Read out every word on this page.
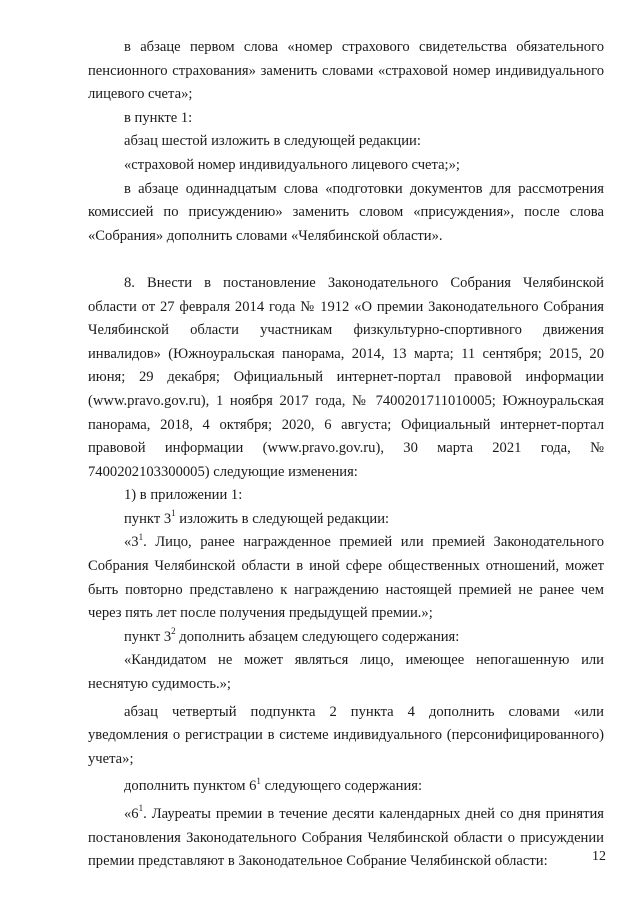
в абзаце первом слова «номер страхового свидетельства обязательного пенсионного страхования» заменить словами «страховой номер индивидуального лицевого счета»;

в пункте 1:

абзац шестой изложить в следующей редакции:

«страховой номер индивидуального лицевого счета;»;

в абзаце одиннадцатым слова «подготовки документов для рассмотрения комиссией по присуждению» заменить словом «присуждения», после слова «Собрания» дополнить словами «Челябинской области».

8. Внести в постановление Законодательного Собрания Челябинской области от 27 февраля 2014 года № 1912 «О премии Законодательного Собрания Челябинской области участникам физкультурно-спортивного движения инвалидов» (Южноуральская панорама, 2014, 13 марта; 11 сентября; 2015, 20 июня; 29 декабря; Официальный интернет-портал правовой информации (www.pravo.gov.ru), 1 ноября 2017 года, № 7400201711010005; Южноуральская панорама, 2018, 4 октября; 2020, 6 августа; Официальный интернет-портал правовой информации (www.pravo.gov.ru), 30 марта 2021 года, № 7400202103300005) следующие изменения:

1) в приложении 1:

пункт $3^1$ изложить в следующей редакции:

«$3^1$. Лицо, ранее награжденное премией или премией Законодательного Собрания Челябинской области в иной сфере общественных отношений, может быть повторно представлено к награждению настоящей премией не ранее чем через пять лет после получения предыдущей премии.»;

пункт $3^2$ дополнить абзацем следующего содержания:

«Кандидатом не может являться лицо, имеющее непогашенную или неснятую судимость.»;

абзац четвертый подпункта 2 пункта 4 дополнить словами «или уведомления о регистрации в системе индивидуального (персонифицированного) учета»;

дополнить пунктом $6^1$ следующего содержания:

«$6^1$. Лауреаты премии в течение десяти календарных дней со дня принятия постановления Законодательного Собрания Челябинской области о присуждении премии представляют в Законодательное Собрание Челябинской области:	12
